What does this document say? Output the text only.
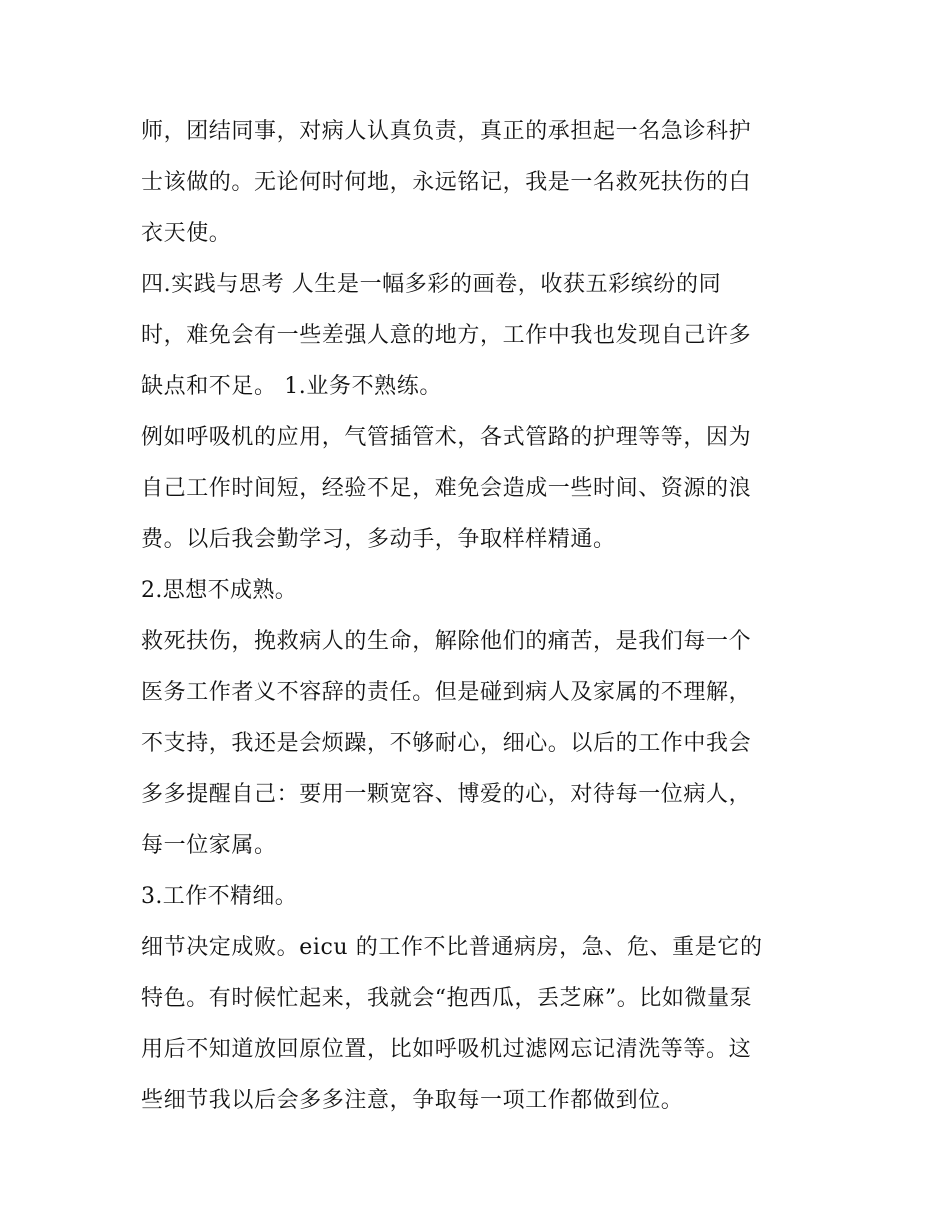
师，团结同事，对病人认真负责，真正的承担起一名急诊科护
士该做的。无论何时何地，永远铭记，我是一名救死扶伤的白
衣天使。
四.实践与思考 人生是一幅多彩的画卷，收获五彩缤纷的同
时，难免会有一些差强人意的地方，工作中我也发现自己许多
缺点和不足。 1.业务不熟练。
例如呼吸机的应用，气管插管术，各式管路的护理等等，因为
自己工作时间短，经验不足，难免会造成一些时间、资源的浪
费。以后我会勤学习，多动手，争取样样精通。
2.思想不成熟。
救死扶伤，挽救病人的生命，解除他们的痛苦，是我们每一个
医务工作者义不容辞的责任。但是碰到病人及家属的不理解，
不支持，我还是会烦躁，不够耐心，细心。以后的工作中我会
多多提醒自己：要用一颗宽容、博爱的心，对待每一位病人，
每一位家属。
3.工作不精细。
细节决定成败。eicu 的工作不比普通病房，急、危、重是它的
特色。有时候忙起来，我就会“抱西瓜，丢芝麻”。比如微量泵
用后不知道放回原位置，比如呼吸机过滤网忘记清洗等等。这
些细节我以后会多多注意，争取每一项工作都做到位。
